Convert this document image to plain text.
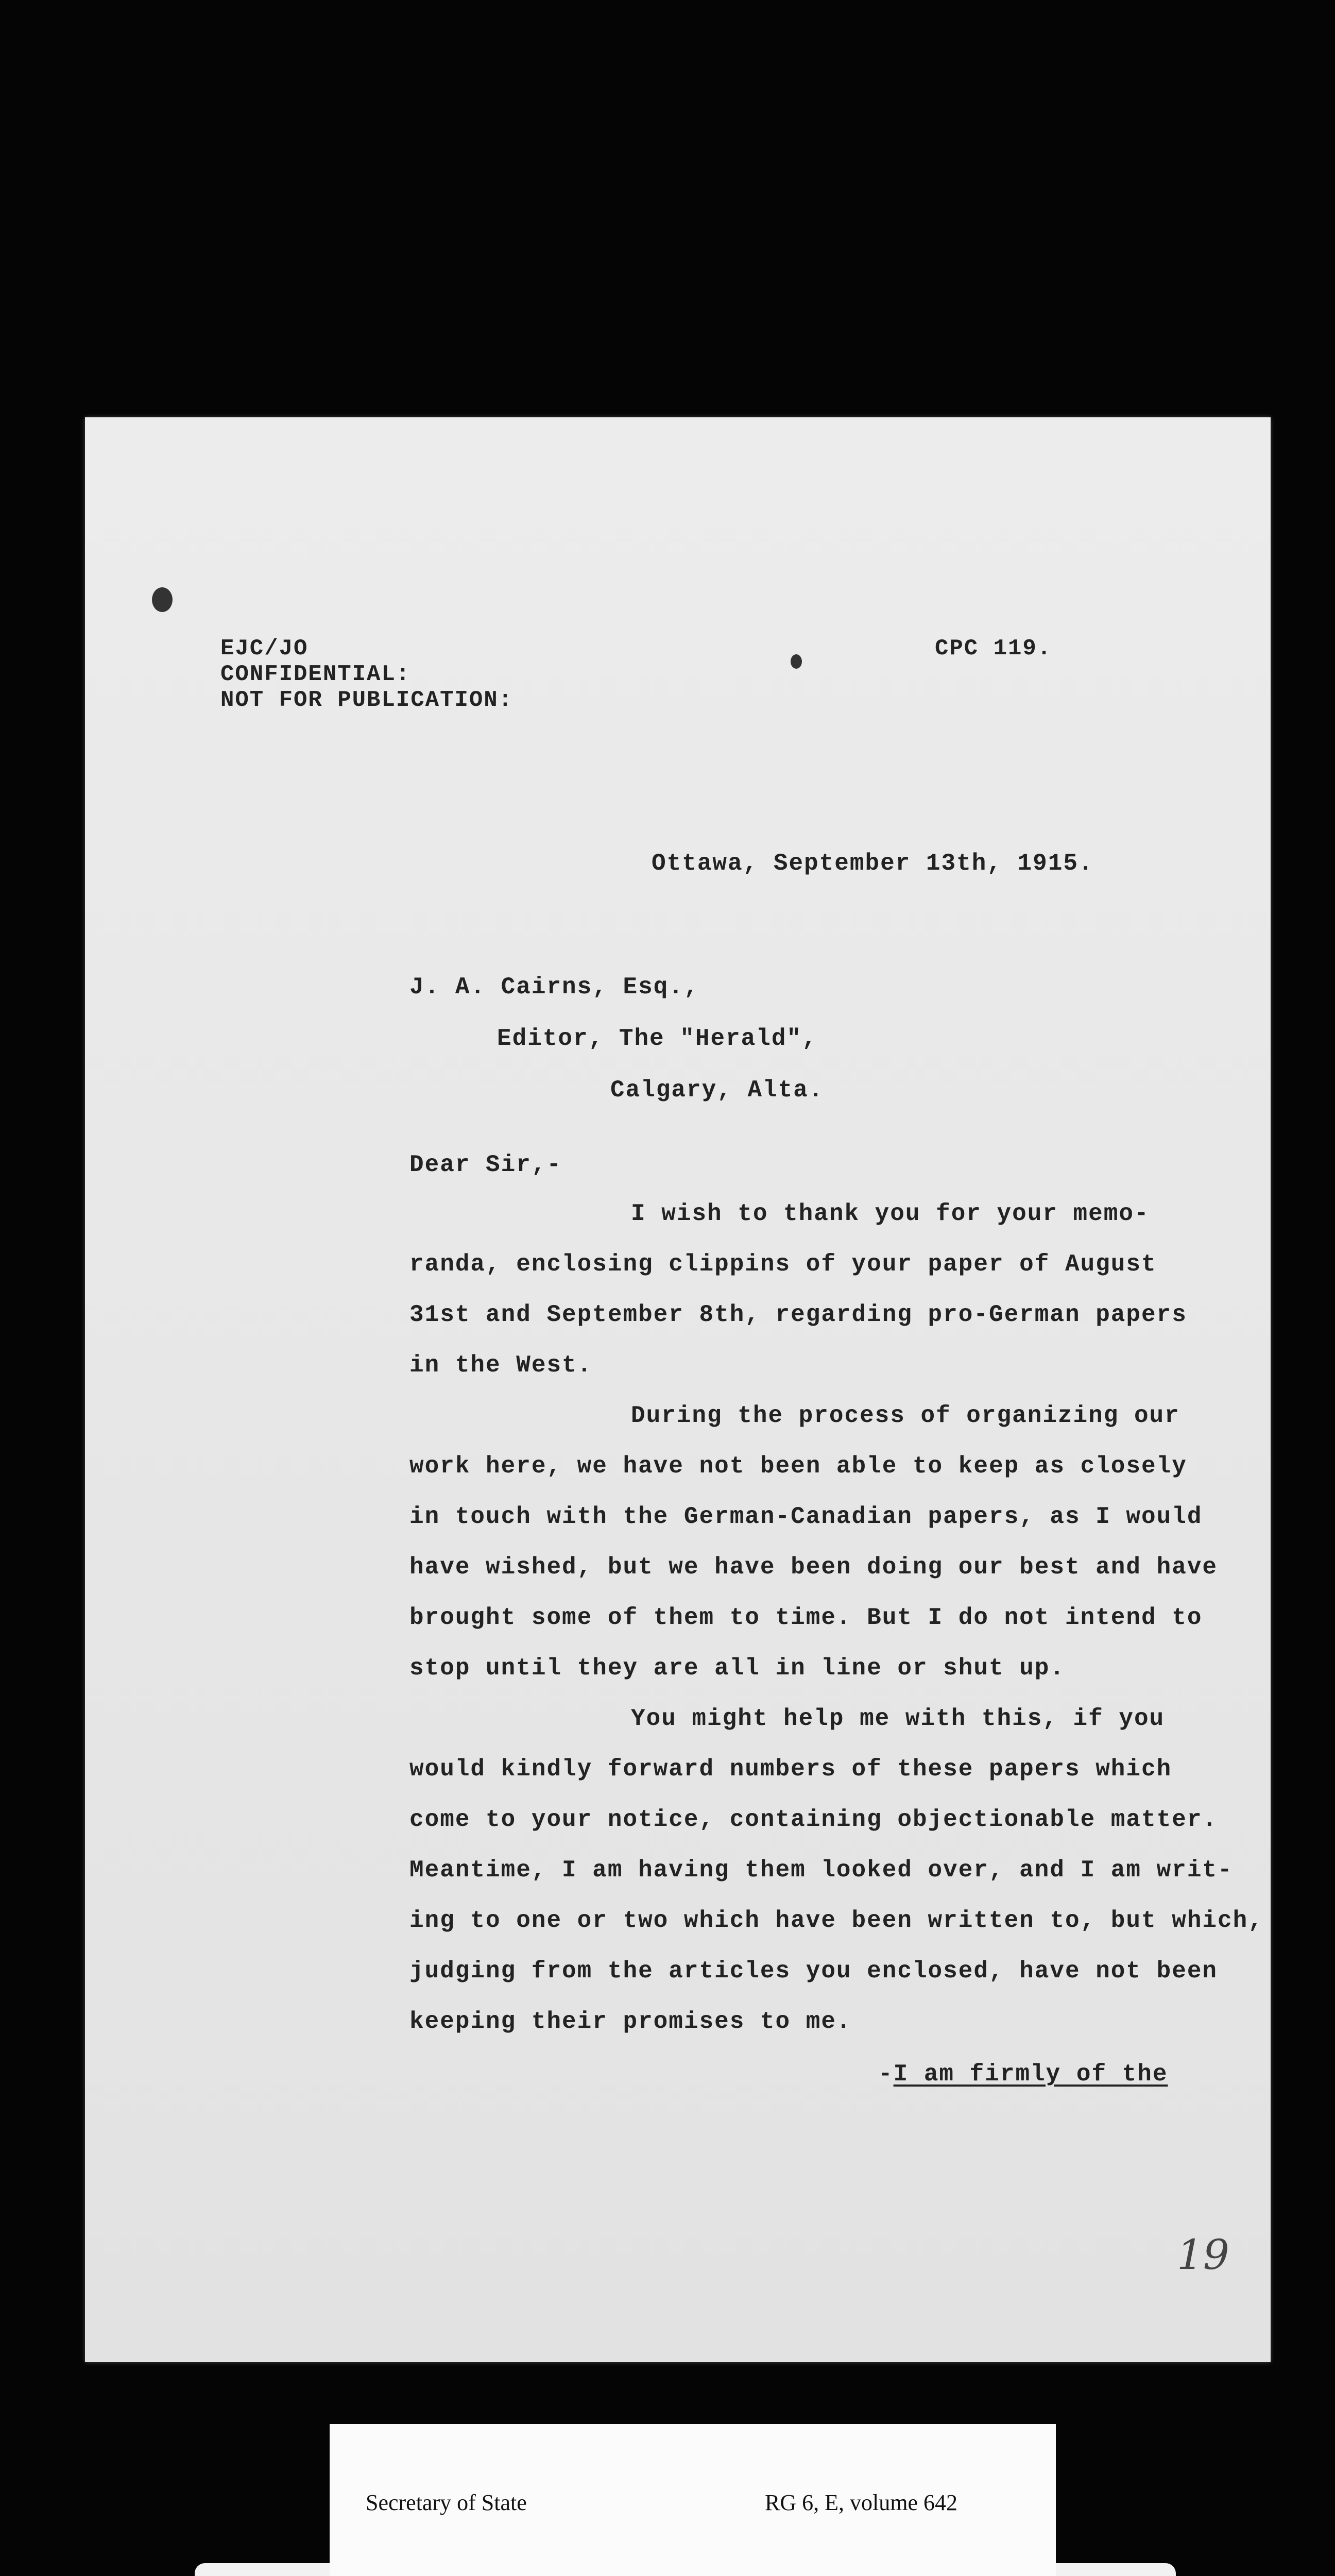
EJC/JO
CONFIDENTIAL:
NOT FOR PUBLICATION:
CPC 119.
Ottawa, September 13th, 1915.
J. A. Cairns, Esq.,
Editor, The "Herald",
Calgary, Alta.
Dear Sir,-
I wish to thank you for your memo-
randa, enclosing clippins of your paper of August
31st and September 8th, regarding pro-German papers
in the West.
During the process of organizing our
work here, we have not been able to keep as closely
in touch with the German-Canadian papers, as I would
have wished, but we have been doing our best and have
brought some of them to time. But I do not intend to
stop until they are all in line or shut up.
You might help me with this, if you
would kindly forward numbers of these papers which
come to your notice, containing objectionable matter.
Meantime, I am having them looked over, and I am writ-
ing to one or two which have been written to, but which,
judging from the articles you enclosed, have not been
keeping their promises to me.
-I am firmly of the
19

Secretary of State

	RG 6, E, volume 642
